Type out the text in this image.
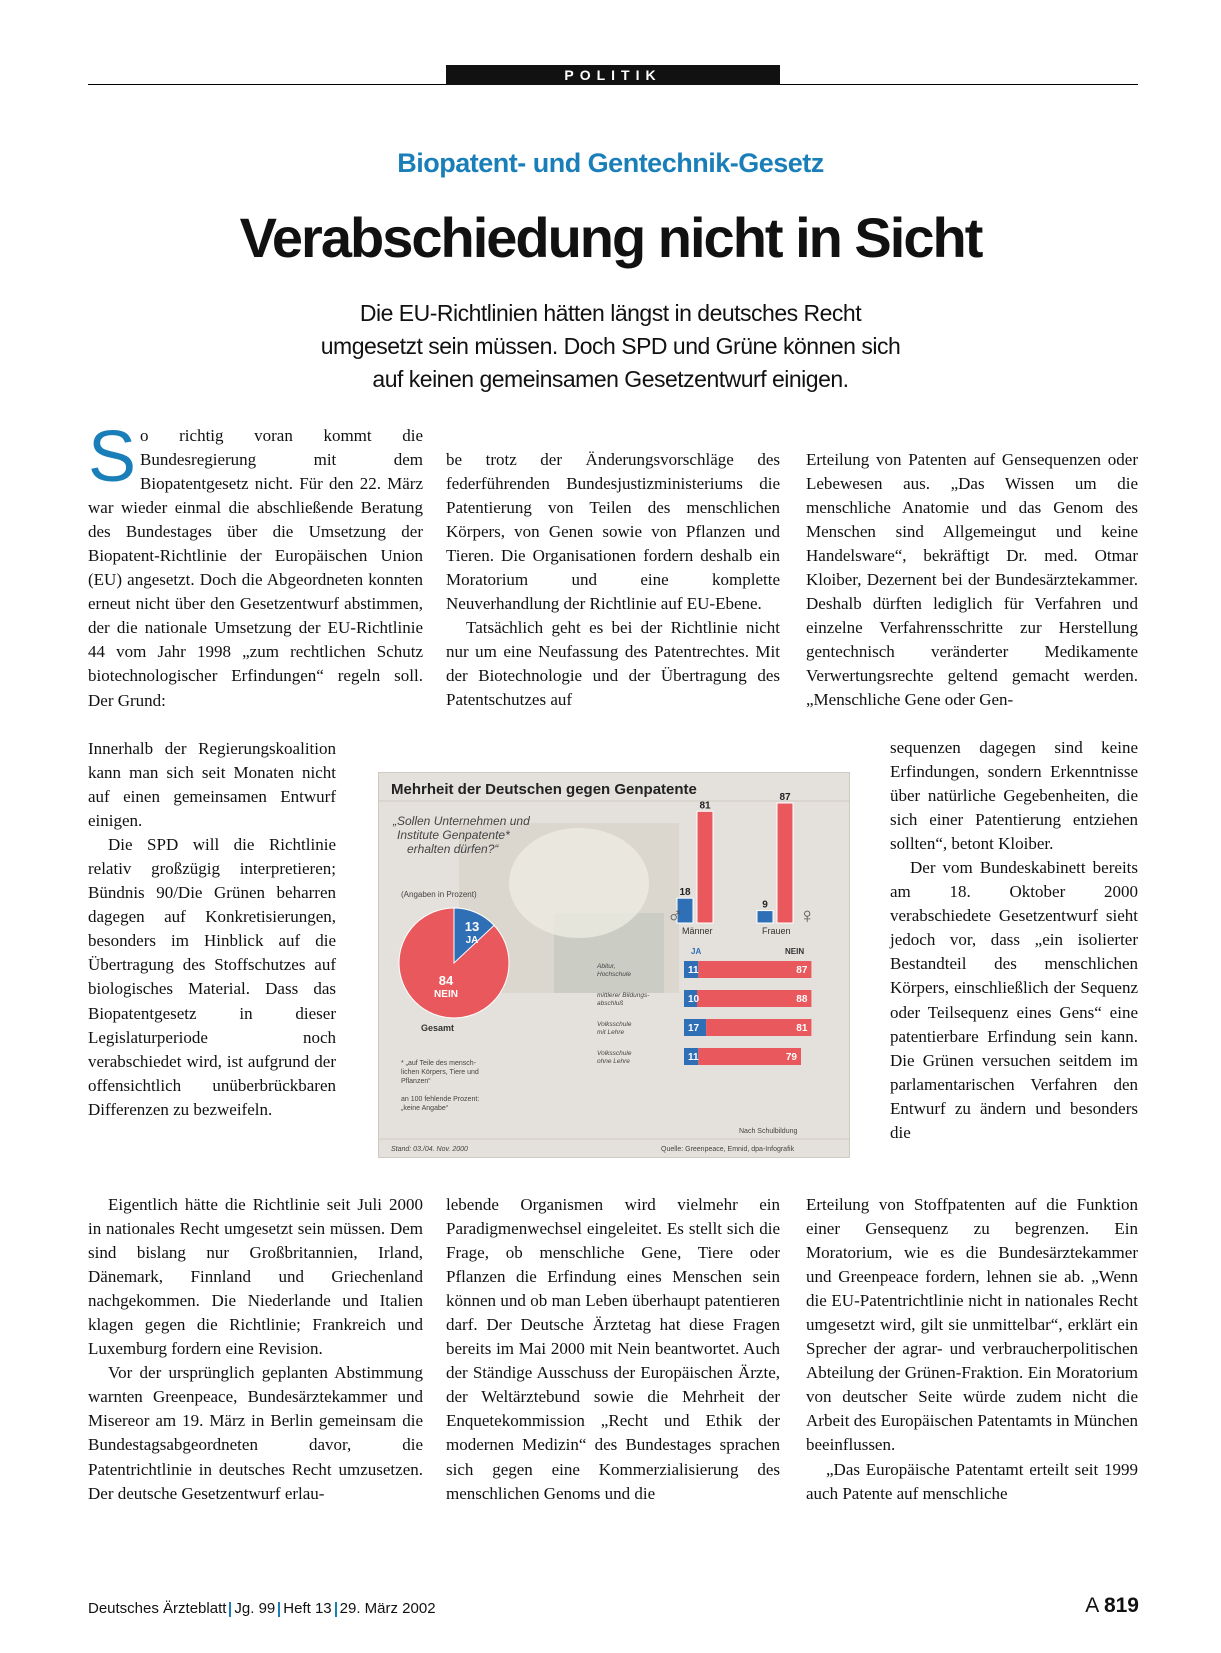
POLITIK
Biopatent- und Gentechnik-Gesetz
Verabschiedung nicht in Sicht
Die EU-Richtlinien hätten längst in deutsches Recht
umgesetzt sein müssen. Doch SPD und Grüne können sich
auf keinen gemeinsamen Gesetzentwurf einigen.

So richtig voran kommt die Bundesregierung mit dem Biopatentgesetz nicht. Für den 22. März war wieder einmal die abschließende Beratung des Bundestages über die Umsetzung der Biopatent-Richtlinie der Europäischen Union (EU) angesetzt. Doch die Abgeordneten konnten erneut nicht über den Gesetzentwurf abstimmen, der die nationale Umsetzung der EU-Richtlinie 44 vom Jahr 1998 „zum rechtlichen Schutz biotechnologischer Erfindungen“ regeln soll. Der Grund:

Innerhalb der Regierungskoalition kann man sich seit Monaten nicht auf einen gemeinsamen Entwurf einigen.

Die SPD will die Richtlinie relativ großzügig interpretieren; Bündnis 90/Die Grünen beharren dagegen auf Konkretisierungen, besonders im Hinblick auf die Übertragung des Stoffschutzes auf biologisches Material. Dass das Biopatentgesetz in dieser Legislaturperiode noch verabschiedet wird, ist aufgrund der offensichtlich unüberbrückbaren Differenzen zu bezweifeln.

Eigentlich hätte die Richtlinie seit Juli 2000 in nationales Recht umgesetzt sein müssen. Dem sind bislang nur Großbritannien, Irland, Dänemark, Finnland und Griechenland nachgekommen. Die Niederlande und Italien klagen gegen die Richtlinie; Frankreich und Luxemburg fordern eine Revision.

Vor der ursprünglich geplanten Abstimmung warnten Greenpeace, Bundesärztekammer und Misereor am 19. März in Berlin gemeinsam die Bundestagsabgeordneten davor, die Patentrichtlinie in deutsches Recht umzusetzen. Der deutsche Gesetzentwurf erlau-

be trotz der Änderungsvorschläge des federführenden Bundesjustizministeriums die Patentierung von Teilen des menschlichen Körpers, von Genen sowie von Pflanzen und Tieren. Die Organisationen fordern deshalb ein Moratorium und eine komplette Neuverhandlung der Richtlinie auf EU-Ebene.

Tatsächlich geht es bei der Richtlinie nicht nur um eine Neufassung des Patentrechtes. Mit der Biotechnologie und der Übertragung des Patentschutzes auf

lebende Organismen wird vielmehr ein Paradigmenwechsel eingeleitet. Es stellt sich die Frage, ob menschliche Gene, Tiere oder Pflanzen die Erfindung eines Menschen sein können und ob man Leben überhaupt patentieren darf. Der Deutsche Ärztetag hat diese Fragen bereits im Mai 2000 mit Nein beantwortet. Auch der Ständige Ausschuss der Europäischen Ärzte, der Weltärztebund sowie die Mehrheit der Enquetekommission „Recht und Ethik der modernen Medizin“ des Bundestages sprachen sich gegen eine Kommerzialisierung des menschlichen Genoms und die

Erteilung von Patenten auf Gensequenzen oder Lebewesen aus. „Das Wissen um die menschliche Anatomie und das Genom des Menschen sind Allgemeingut und keine Handelsware“, bekräftigt Dr. med. Otmar Kloiber, Dezernent bei der Bundesärztekammer. Deshalb dürften lediglich für Verfahren und einzelne Verfahrensschritte zur Herstellung gentechnisch veränderter Medikamente Verwertungsrechte geltend gemacht werden. „Menschliche Gene oder Gen-

sequenzen dagegen sind keine Erfindungen, sondern Erkenntnisse über natürliche Gegebenheiten, die sich einer Patentierung entziehen sollten“, betont Kloiber.

Der vom Bundeskabinett bereits am 18. Oktober 2000 verabschiedete Gesetzentwurf sieht jedoch vor, dass „ein isolierter Bestandteil des menschlichen Körpers, einschließlich der Sequenz oder Teilsequenz eines Gens“ eine patentierbare Erfindung sein kann. Die Grünen versuchen seitdem im parlamentarischen Verfahren den Entwurf zu ändern und besonders die

Erteilung von Stoffpatenten auf die Funktion einer Gensequenz zu begrenzen. Ein Moratorium, wie es die Bundesärztekammer und Greenpeace fordern, lehnen sie ab. „Wenn die EU-Patentrichtlinie nicht in nationales Recht umgesetzt wird, gilt sie unmittelbar“, erklärt ein Sprecher der agrar- und verbraucherpolitischen Abteilung der Grünen-Fraktion. Ein Moratorium von deutscher Seite würde zudem nicht die Arbeit des Europäischen Patentamts in München beeinflussen.

„Das Europäische Patentamt erteilt seit 1999 auch Patente auf menschliche

Mehrheit der Deutschen gegen Genpatente
„Sollen Unternehmen und
Institute Genpatente*
erhalten dürfen?“
(Angaben in Prozent)
13
JA
84
NEIN
Gesamt
18
81
9
87
Männer	Frauen
♂	♀
JA	NEIN
Abitur,
Hochschule	11	87
mittlerer Bildungs-
abschluß	10	88
Volksschule
mit Lehre	17	81
Volksschule
ohne Lehre	11	79
* „auf Teile des mensch-
lichen Körpers, Tiere und
Pflanzen“
an 100 fehlende Prozent:
„keine Angabe“
Nach Schulbildung
Stand: 03./04. Nov. 2000	Quelle: Greenpeace, Emnid, dpa-Infografik
Deutsches Ärzteblatt Jg. 99 Heft 13 29. März 2002	A 819
